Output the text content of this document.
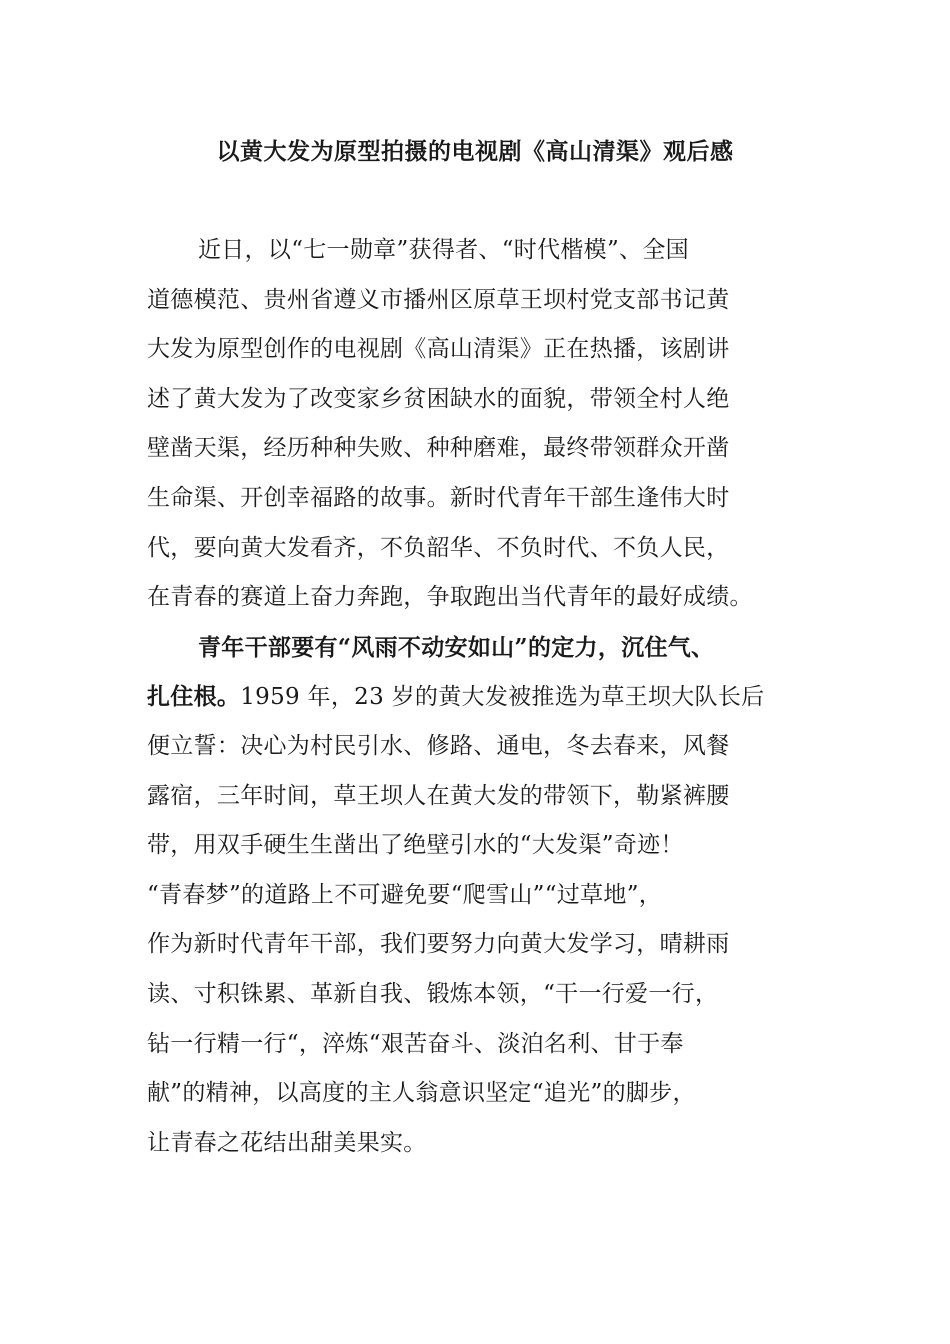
以黄大发为原型拍摄的电视剧《高山清渠》观后感
近日，以“七一勋章”获得者、“时代楷模”、全国
道德模范、贵州省遵义市播州区原草王坝村党支部书记黄
大发为原型创作的电视剧《高山清渠》正在热播，该剧讲
述了黄大发为了改变家乡贫困缺水的面貌，带领全村人绝
壁凿天渠，经历种种失败、种种磨难，最终带领群众开凿
生命渠、开创幸福路的故事。新时代青年干部生逢伟大时
代，要向黄大发看齐，不负韶华、不负时代、不负人民，
在青春的赛道上奋力奔跑，争取跑出当代青年的最好成绩。
青年干部要有“风雨不动安如山”的定力，沉住气、
扎住根。1959 年，23 岁的黄大发被推选为草王坝大队长后
便立誓：决心为村民引水、修路、通电，冬去春来，风餐
露宿，三年时间，草王坝人在黄大发的带领下，勒紧裤腰
带，用双手硬生生凿出了绝壁引水的“大发渠”奇迹！
“青春梦”的道路上不可避免要“爬雪山”“过草地”，
作为新时代青年干部，我们要努力向黄大发学习，晴耕雨
读、寸积铢累、革新自我、锻炼本领，“干一行爱一行，
钻一行精一行“，淬炼“艰苦奋斗、淡泊名利、甘于奉
献”的精神，以高度的主人翁意识坚定“追光”的脚步，
让青春之花结出甜美果实。
